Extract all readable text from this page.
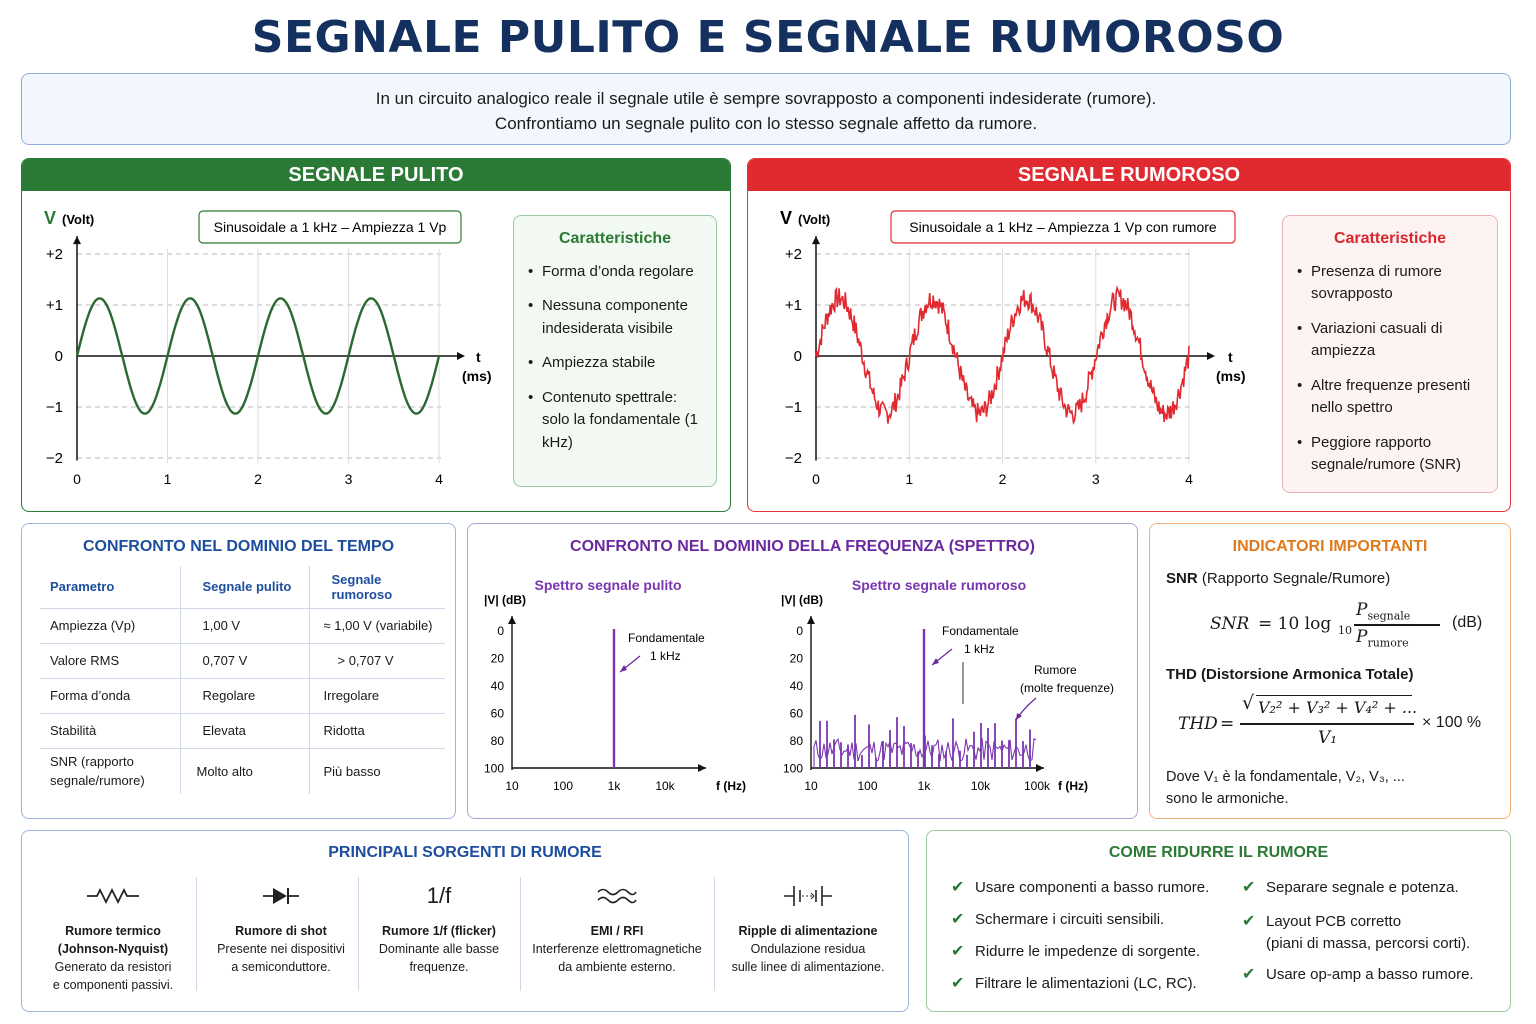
SEGNALE PULITO E SEGNALE RUMOROSO
In un circuito analogico reale il segnale utile è sempre sovrapposto a componenti indesiderate (rumore).
Confrontiamo un segnale pulito con lo stesso segnale affetto da rumore.
SEGNALE PULITO
Sinusoidale a 1 kHz – Ampiezza 1 Vp
V (Volt)
t
(ms)
+2
+1
0
−1
−2
0	1	2	3	4
Caratteristiche
• Forma d’onda regolare
• Nessuna componente indesiderata visibile
• Ampiezza stabile
• Contenuto spettrale: solo la fondamentale (1 kHz)
SEGNALE RUMOROSO
Sinusoidale a 1 kHz – Ampiezza 1 Vp con rumore
V (Volt)
t
(ms)
+2
+1
0
−1
−2
0	1	2	3	4
Caratteristiche
• Presenza di rumore sovrapposto
• Variazioni casuali di ampiezza
• Altre frequenze presenti nello spettro
• Peggiore rapporto segnale/rumore (SNR)
CONFRONTO NEL DOMINIO DEL TEMPO
Parametro	Segnale pulito	Segnale rumoroso
Ampiezza (Vp)	1,00 V	≈ 1,00 V (variabile)
Valore RMS	0,707 V	> 0,707 V
Forma d’onda	Regolare	Irregolare
Stabilità	Elevata	Ridotta

SNR (rapporto
segnale/rumore)	Molto alto	Più basso
CONFRONTO NEL DOMINIO DELLA FREQUENZA (SPETTRO)
Spettro segnale pulito	Spettro segnale rumoroso
|V| (dB)	|V| (dB)
f (Hz)	f (Hz)
0
20
40
60
80
100
10	100	1k	10k
0
20
40
60
80
100
10	100	1k	10k	100k
Fondamentale
1 kHz
Fondamentale
1 kHz
Rumore
(molte frequenze)
INDICATORI IMPORTANTI
SNR (Rapporto Segnale/Rumore)
SNR = 10 log 10
$P_{segnale}$
$P_{rumore}$
(dB)
THD (Distorsione Armonica Totale)
THD =
√ V₂² + V₃² + V₄² + ...
V₁
× 100 %
Dove V₁ è la fondamentale, V₂, V₃, ...
sono le armoniche.
PRINCIPALI SORGENTI DI RUMORE
Rumore termico
(Johnson-Nyquist)
Generato da resistori
e componenti passivi.
Rumore di shot
Presente nei dispositivi
a semiconduttore.
1/f
Rumore 1/f (flicker)
Dominante alle basse
frequenze.
EMI / RFI
Interferenze elettromagnetiche
da ambiente esterno.
Ripple di alimentazione
Ondulazione residua
sulle linee di alimentazione.
COME RIDURRE IL RUMORE
✔ Usare componenti a basso rumore.
✔ Schermare i circuiti sensibili.
✔ Ridurre le impedenze di sorgente.
✔ Filtrare le alimentazioni (LC, RC).
✔ Separare segnale e potenza.
✔ Layout PCB corretto
(piani di massa, percorsi corti).
✔ Usare op-amp a basso rumore.
